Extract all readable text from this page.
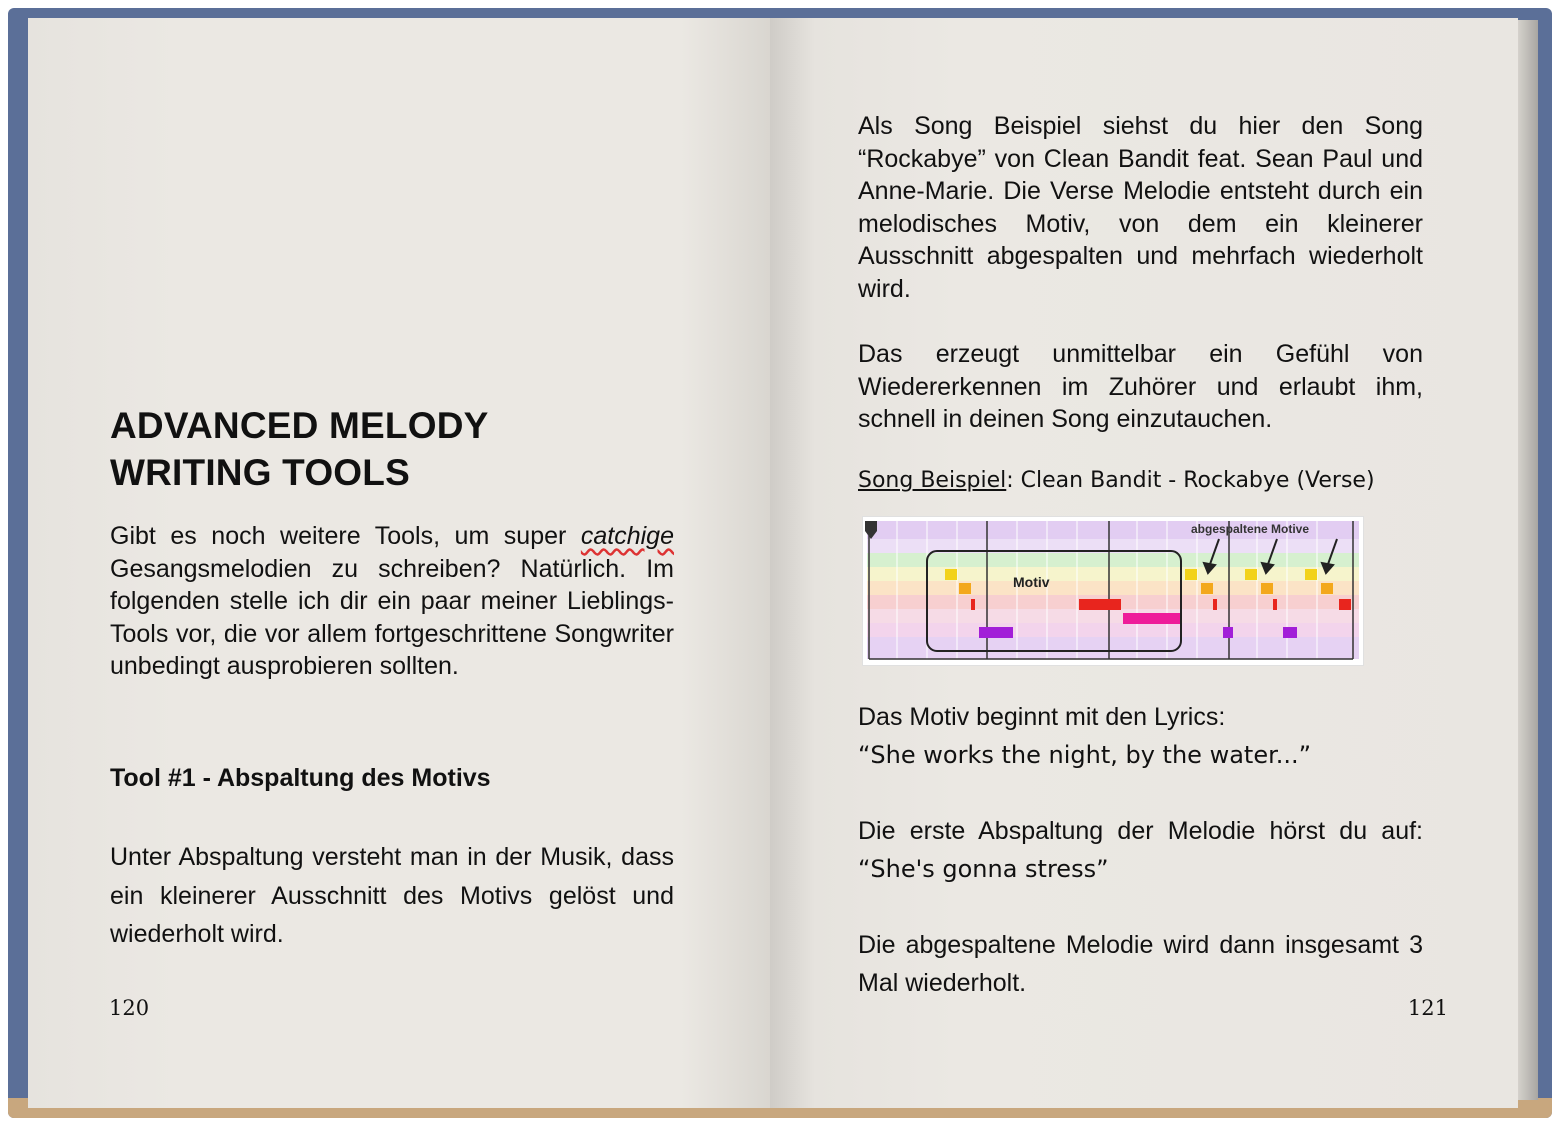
ADVANCED MELODY
WRITING TOOLS

Gibt es noch weitere Tools, um super catchige Gesangsmelodien zu schreiben? Natürlich. Im folgenden stelle ich dir ein paar meiner Lieblings-Tools vor, die vor allem fortgeschrittene Songwriter unbedingt ausprobieren sollten.

Tool #1 - Abspaltung des Motivs

Unter Abspaltung versteht man in der Musik, dass ein kleinerer Ausschnitt des Motivs gelöst und wiederholt wird.

120

Als Song Beispiel siehst du hier den Song “Rockabye” von Clean Bandit feat. Sean Paul und Anne-Marie. Die Verse Melodie entsteht durch ein melodisches Motiv, von dem ein kleinerer Ausschnitt abgespalten und mehrfach wiederholt wird.

Das erzeugt unmittelbar ein Gefühl von Wiedererkennen im Zuhörer und erlaubt ihm, schnell in deinen Song einzutauchen.

Song Beispiel: Clean Bandit - Rockabye (Verse)

Motiv
abgespaltene Motive

Das Motiv beginnt mit den Lyrics:
“She works the night, by the water...”

Die erste Abspaltung der Melodie hörst du auf: “She's gonna stress”

Die abgespaltene Melodie wird dann insgesamt 3 Mal wiederholt.

121
